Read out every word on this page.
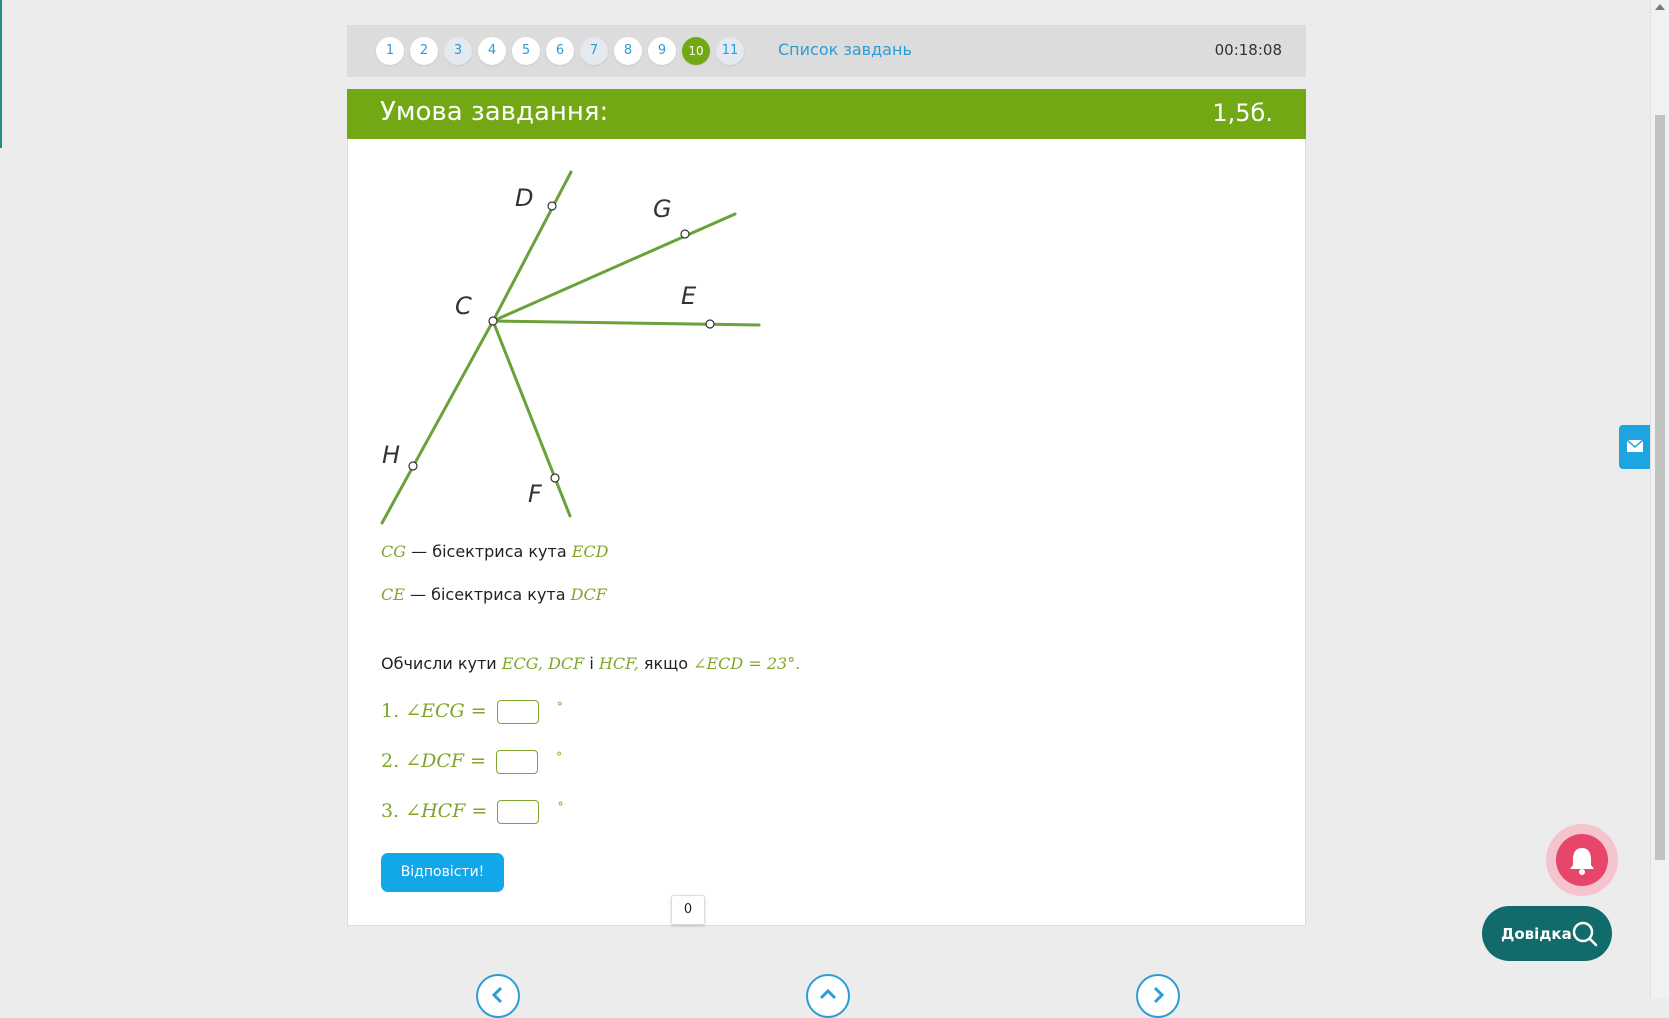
1	2	3	4	5	6	7	8	9	10	11	Список завдань	00:18:08
Умова завдання:	1,5б.
D	G
C	E
H
F
CG — бісектриса кута ECD
CE — бісектриса кута DCF
Обчисли кути ECG, DCF і HCF, якщо ∠ECD = 23°.
1. ∠ECG =	°
2. ∠DCF =	°
3. ∠HCF =	°
Відповісти!
0
Довідка
